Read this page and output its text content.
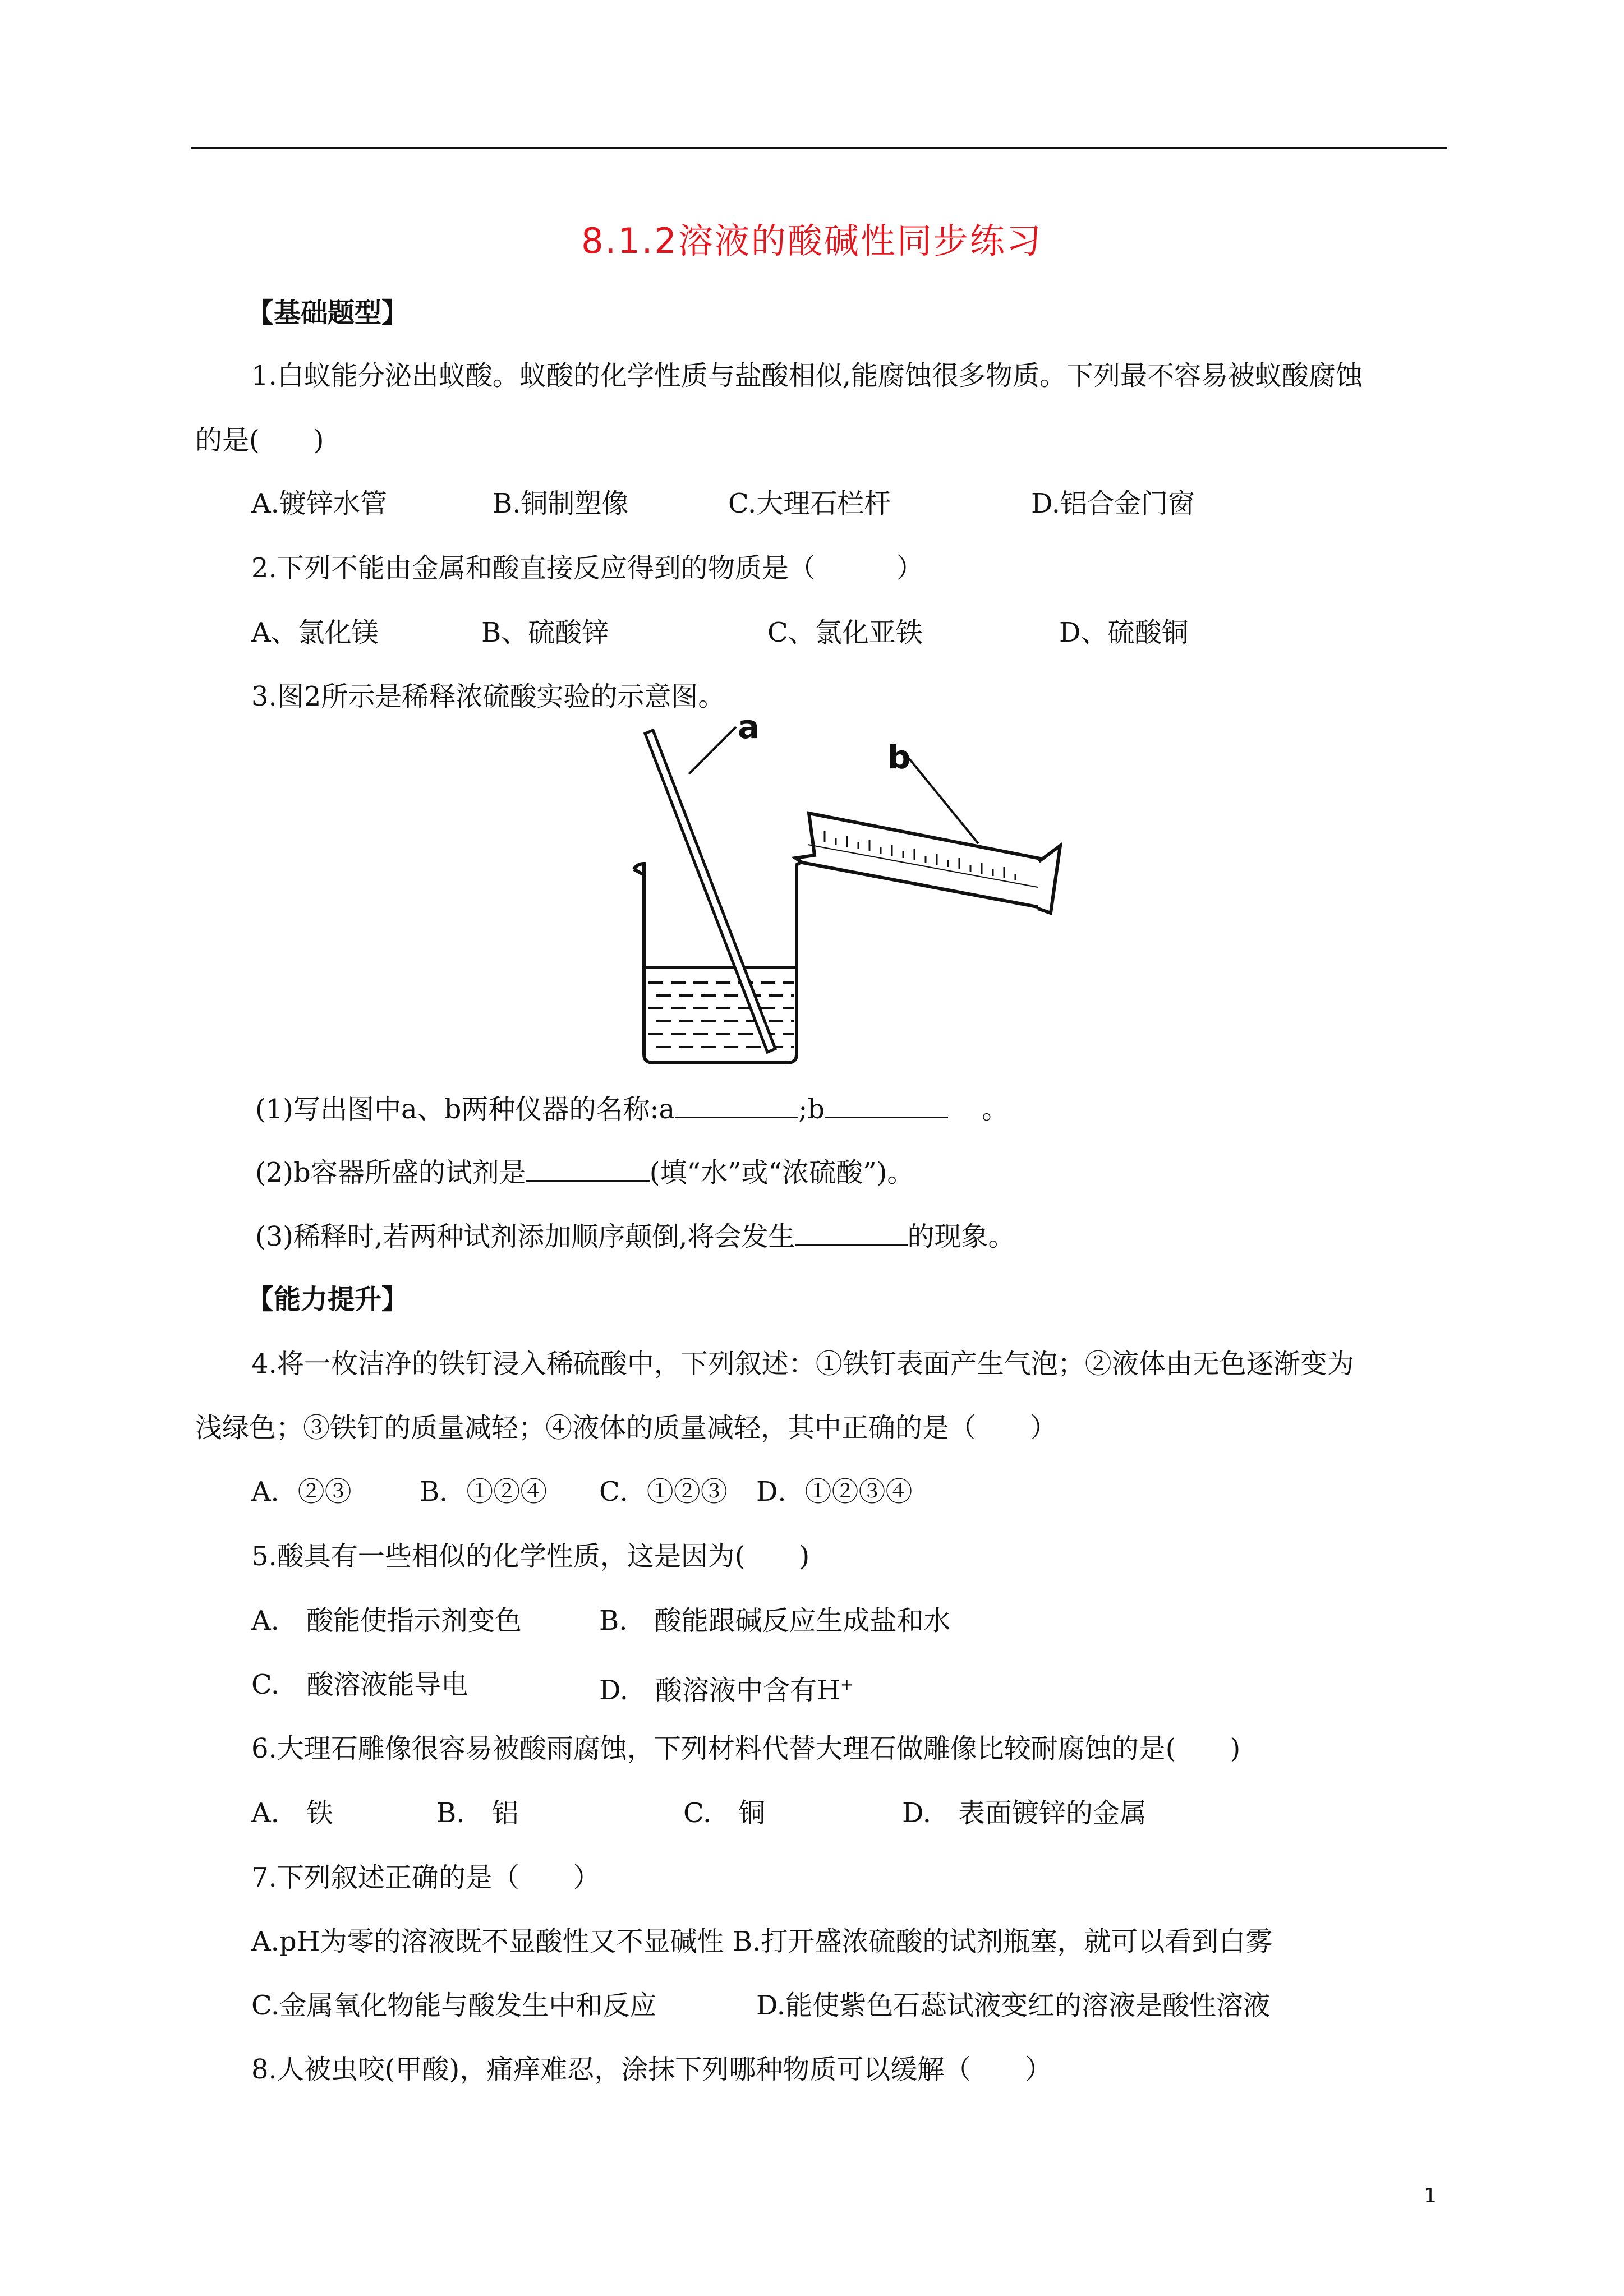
8.1.2溶液的酸碱性同步练习
【基础题型】
1.白蚁能分泌出蚁酸。蚁酸的化学性质与盐酸相似,能腐蚀很多物质。下列最不容易被蚁酸腐蚀
的是(　　)
A.镀锌水管	B.铜制塑像	C.大理石栏杆	D.铝合金门窗
2.下列不能由金属和酸直接反应得到的物质是（　　　）
A、氯化镁	B、硫酸锌	C、氯化亚铁	D、硫酸铜
3.图2所示是稀释浓硫酸实验的示意图。
a
b
(1)写出图中a、b两种仪器的名称:a	;b	。
(2)b容器所盛的试剂是	(填“水”或“浓硫酸”)。
(3)稀释时,若两种试剂添加顺序颠倒,将会发生	的现象。
【能力提升】
4.将一枚洁净的铁钉浸入稀硫酸中，下列叙述：①铁钉表面产生气泡；②液体由无色逐渐变为
浅绿色；③铁钉的质量减轻；④液体的质量减轻，其中正确的是（　　）
A．②③	B．①②④ C．①②③ D．①②③④
5.酸具有一些相似的化学性质，这是因为(　　)
A.　酸能使指示剂变色	B.　酸能跟碱反应生成盐和水
C.　酸溶液能导电	D.　酸溶液中含有H+
6.大理石雕像很容易被酸雨腐蚀，下列材料代替大理石做雕像比较耐腐蚀的是(　　)
A.　铁	B.　铝	C.　铜	D.　表面镀锌的金属
7.下列叙述正确的是（　　）
A.pH为零的溶液既不显酸性又不显碱性 B.打开盛浓硫酸的试剂瓶塞，就可以看到白雾
C.金属氧化物能与酸发生中和反应	D.能使紫色石蕊试液变红的溶液是酸性溶液
8.人被虫咬(甲酸)，痛痒难忍，涂抹下列哪种物质可以缓解（　　）
1
